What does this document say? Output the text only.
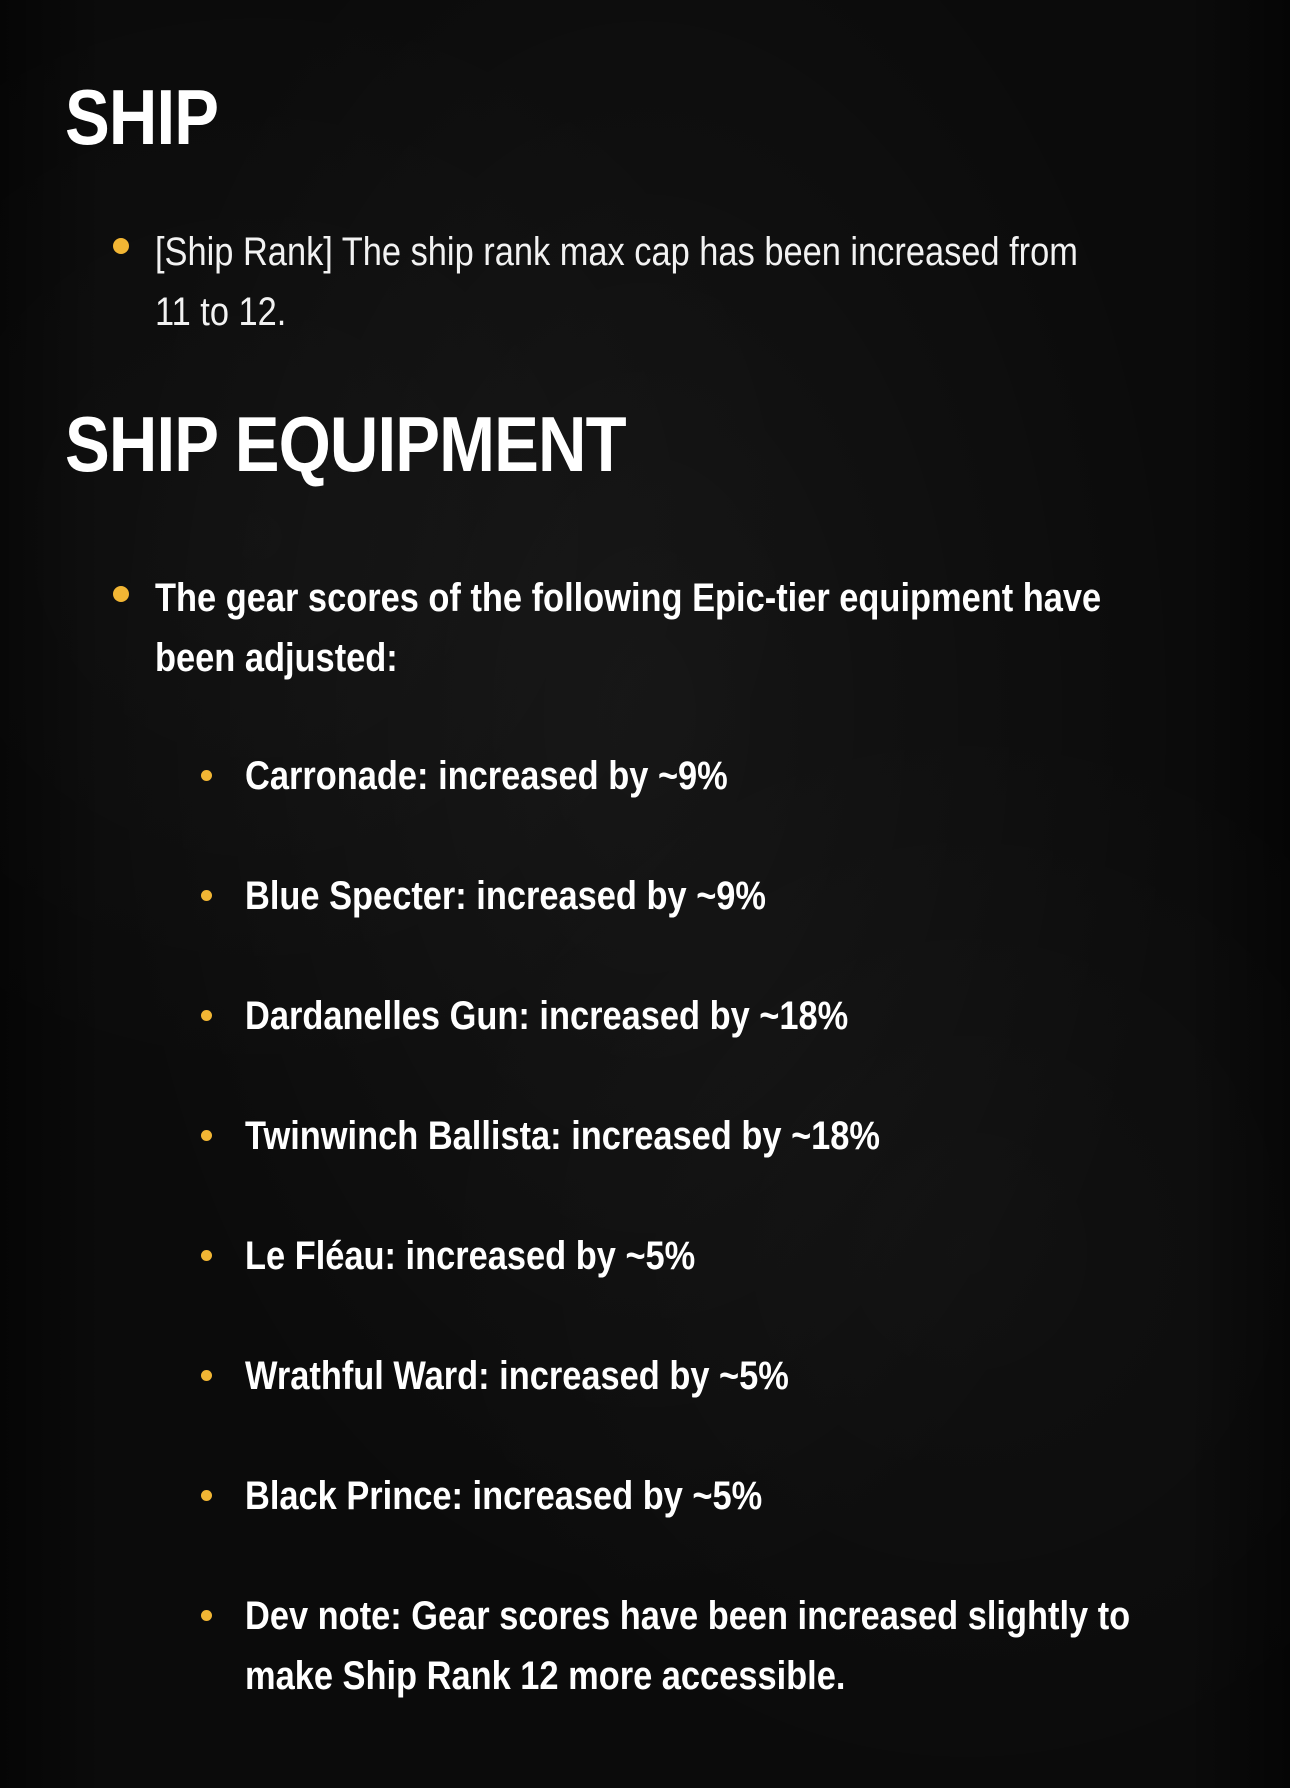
SHIP

[Ship Rank] The ship rank max cap has been increased from 11 to 12.

SHIP EQUIPMENT

The gear scores of the following Epic-tier equipment have been adjusted:

Carronade: increased by ~9%

Blue Specter: increased by ~9%

Dardanelles Gun: increased by ~18%

Twinwinch Ballista: increased by ~18%

Le Fléau: increased by ~5%

Wrathful Ward: increased by ~5%

Black Prince: increased by ~5%

Dev note: Gear scores have been increased slightly to make Ship Rank 12 more accessible.
